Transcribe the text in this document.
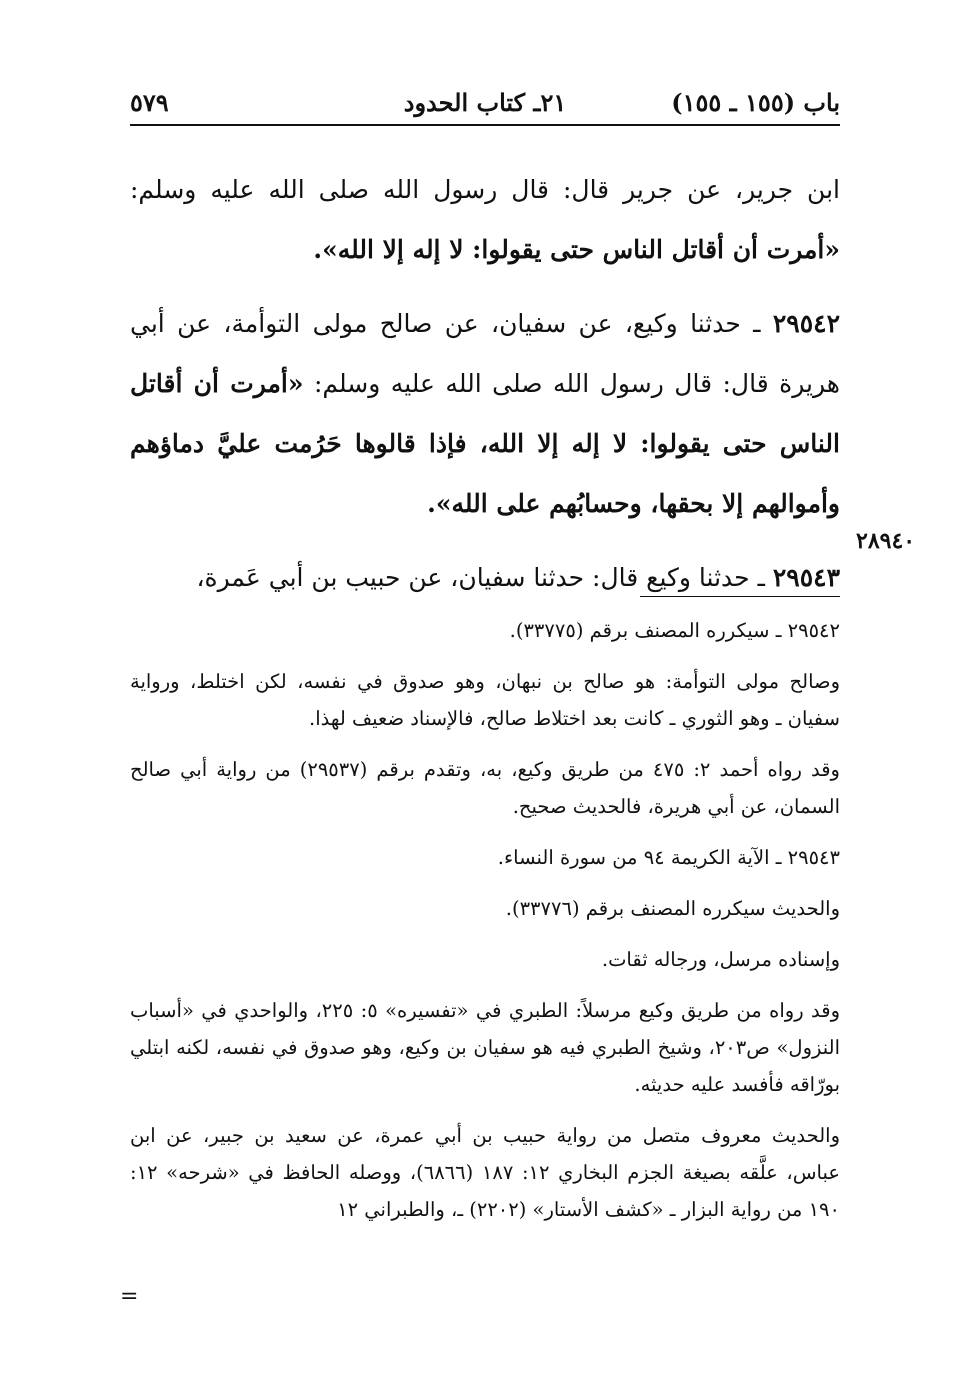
باب (١٥٥ ـ ١٥٥)
٢١ـ كتاب الحدود
٥٧٩

ابن جرير، عن جرير قال: قال رسول الله صلى الله عليه وسلم: «أمرت أن أقاتل الناس حتى يقولوا: لا إله إلا الله».

٢٩٥٤٢ ـ حدثنا وكيع، عن سفيان، عن صالح مولى التوأمة، عن أبي هريرة قال: قال رسول الله صلى الله عليه وسلم: «أمرت أن أقاتل الناس حتى يقولوا: لا إله إلا الله، فإذا قالوها حَرُمت عليَّ دماؤهم وأموالهم إلا بحقها، وحسابُهم على الله».

٢٩٥٤٣ ـ حدثنا وكيع قال: حدثنا سفيان، عن حبيب بن أبي عَمرة،

٢٨٩٤٠

٢٩٥٤٢ ـ سيكرره المصنف برقم (٣٣٧٧٥).

وصالح مولى التوأمة: هو صالح بن نبهان، وهو صدوق في نفسه، لكن اختلط، ورواية سفيان ـ وهو الثوري ـ كانت بعد اختلاط صالح، فالإسناد ضعيف لهذا.

وقد رواه أحمد ٢: ٤٧٥ من طريق وكيع، به، وتقدم برقم (٢٩٥٣٧) من رواية أبي صالح السمان، عن أبي هريرة، فالحديث صحيح.

٢٩٥٤٣ ـ الآية الكريمة ٩٤ من سورة النساء.

والحديث سيكرره المصنف برقم (٣٣٧٧٦).

وإسناده مرسل، ورجاله ثقات.

وقد رواه من طريق وكيع مرسلاً: الطبري في «تفسيره» ٥: ٢٢٥، والواحدي في «أسباب النزول» ص٢٠٣، وشيخ الطبري فيه هو سفيان بن وكيع، وهو صدوق في نفسه، لكنه ابتلي بورّاقه فأفسد عليه حديثه.

والحديث معروف متصل من رواية حبيب بن أبي عمرة، عن سعيد بن جبير، عن ابن عباس، علَّقه بصيغة الجزم البخاري ١٢: ١٨٧ (٦٨٦٦)، ووصله الحافظ في «شرحه» ١٢: ١٩٠ من رواية البزار ـ «كشف الأستار» (٢٢٠٢) ـ، والطبراني ١٢

=
